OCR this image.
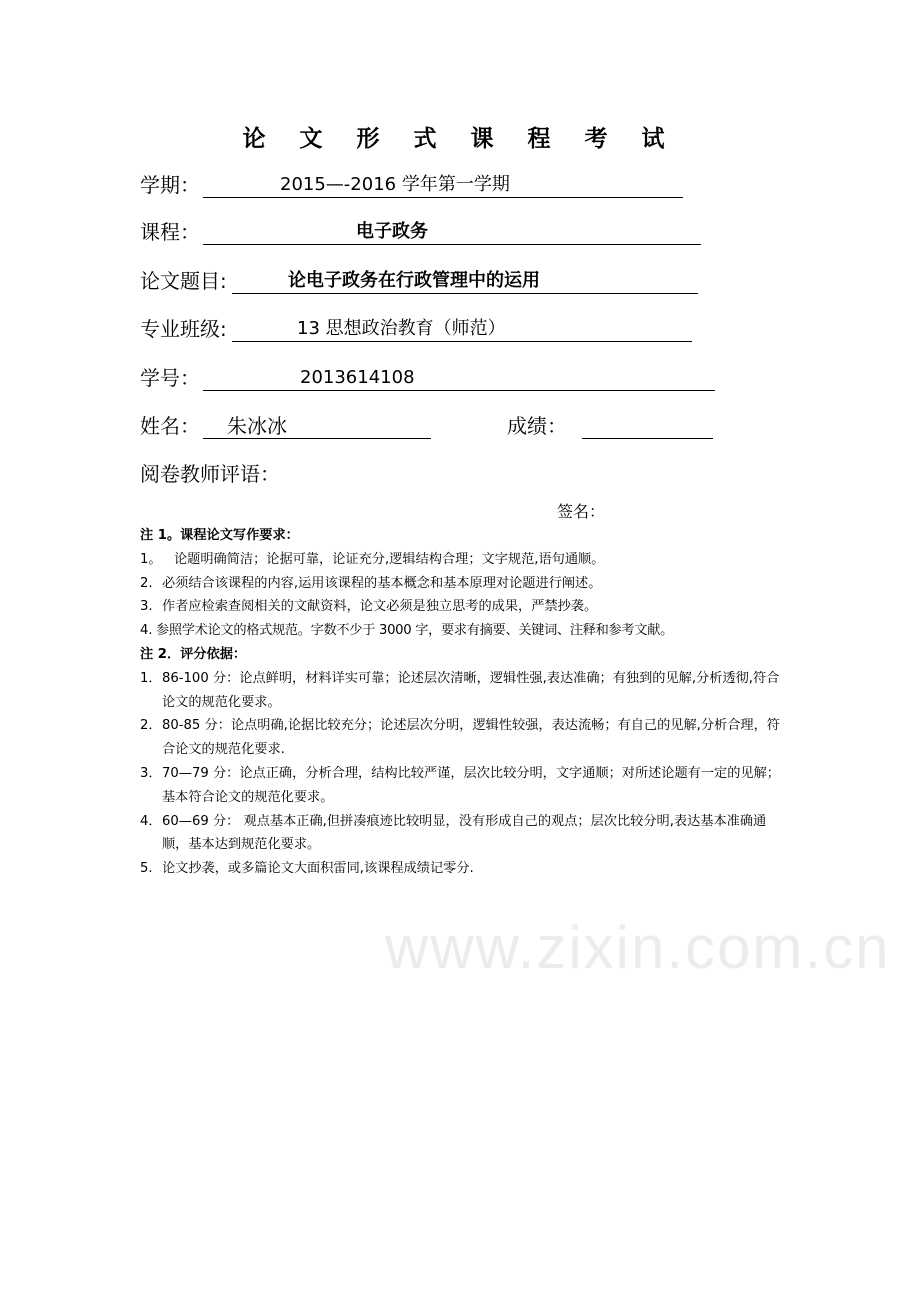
论 文 形 式 课 程 考 试
学期：	2015—-2016 学年第一学期
课程：	电子政务
论文题目:	论电子政务在行政管理中的运用
专业班级:	13 思想政治教育（师范）
学号：	2013614108
姓名： 朱冰冰	成绩：
阅卷教师评语：
签名：
注 1。课程论文写作要求：
1。 论题明确简洁；论据可靠，论证充分,逻辑结构合理；文字规范,语句通顺。
2. 必须结合该课程的内容,运用该课程的基本概念和基本原理对论题进行阐述。
3. 作者应检索查阅相关的文献资料，论文必须是独立思考的成果，严禁抄袭。
4. 参照学术论文的格式规范。字数不少于 3000 字，要求有摘要、关键词、注释和参考文献。
注 2．评分依据：
1． 86-100 分：论点鲜明，材料详实可靠；论述层次清晰，逻辑性强,表达准确；有独到的见解,分析透彻,符合论文的规范化要求。
2． 80-85 分：论点明确,论据比较充分；论述层次分明，逻辑性较强，表达流畅；有自己的见解,分析合理，符合论文的规范化要求.
3． 70—79 分：论点正确，分析合理，结构比较严谨，层次比较分明，文字通顺；对所述论题有一定的见解；基本符合论文的规范化要求。
4． 60—69 分： 观点基本正确,但拼凑痕迹比较明显，没有形成自己的观点；层次比较分明,表达基本准确通顺，基本达到规范化要求。
5. 论文抄袭，或多篇论文大面积雷同,该课程成绩记零分.
www.zixin.com.cn
